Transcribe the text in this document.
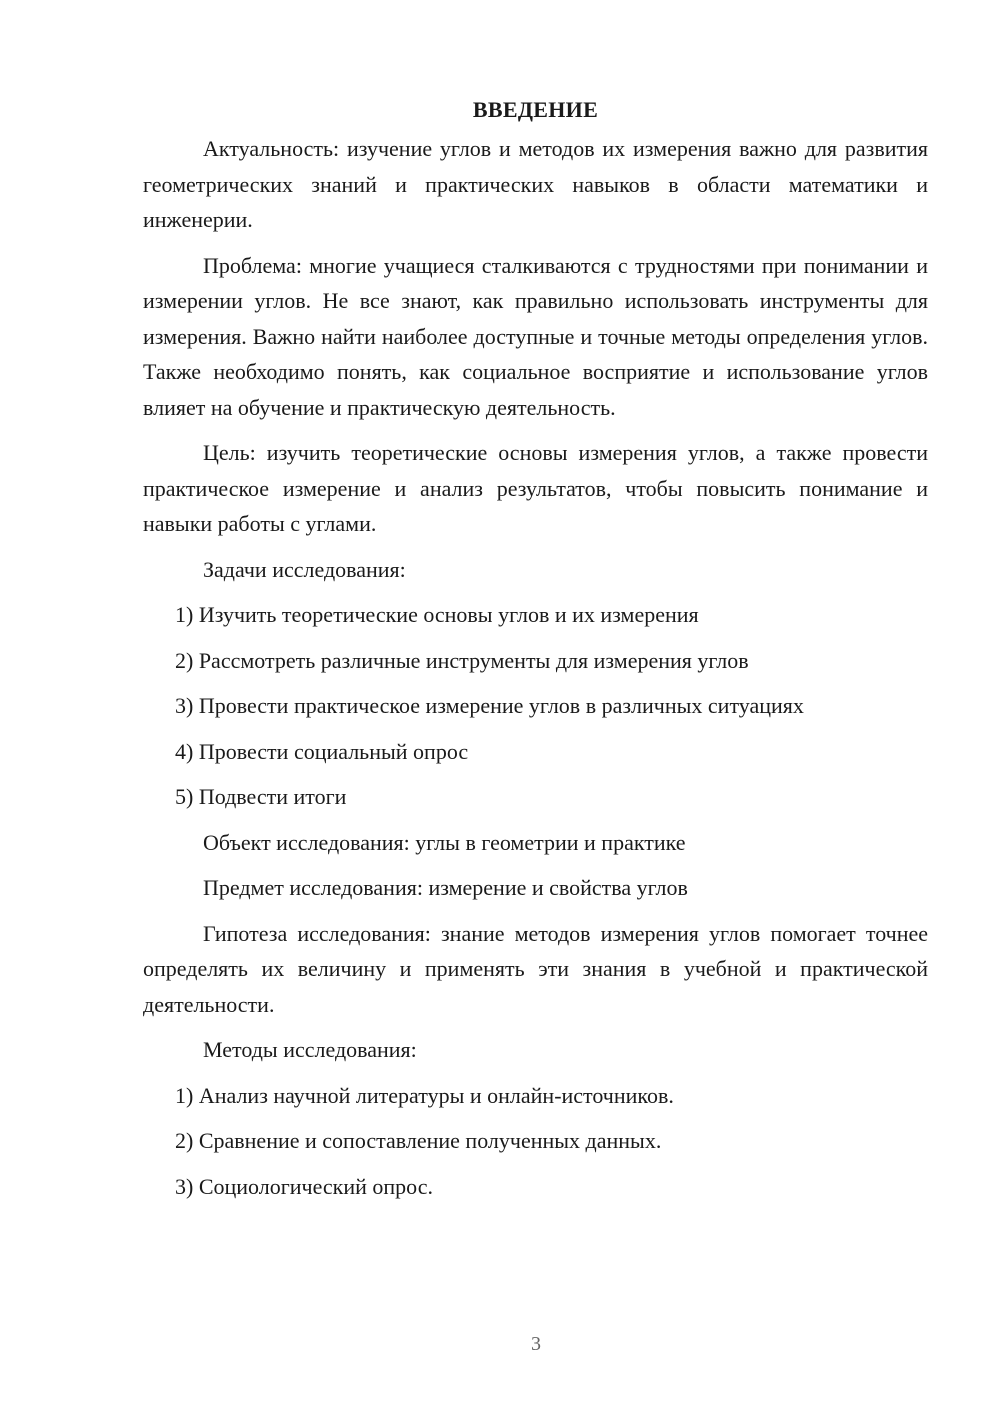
ВВЕДЕНИЕ

Актуальность: изучение углов и методов их измерения важно для развития геометрических знаний и практических навыков в области математики и инженерии.

Проблема: многие учащиеся сталкиваются с трудностями при понимании и измерении углов. Не все знают, как правильно использовать инструменты для измерения. Важно найти наиболее доступные и точные методы определения углов. Также необходимо понять, как социальное восприятие и использование углов влияет на обучение и практическую деятельность.

Цель: изучить теоретические основы измерения углов, а также провести практическое измерение и анализ результатов, чтобы повысить понимание и навыки работы с углами.

Задачи исследования:
1) Изучить теоретические основы углов и их измерения
2) Рассмотреть различные инструменты для измерения углов
3) Провести практическое измерение углов в различных ситуациях
4) Провести социальный опрос
5) Подвести итоги
Объект исследования: углы в геометрии и практике
Предмет исследования: измерение и свойства углов

Гипотеза исследования: знание методов измерения углов помогает точнее определять их величину и применять эти знания в учебной и практической деятельности.

Методы исследования:
1) Анализ научной литературы и онлайн-источников.
2) Сравнение и сопоставление полученных данных.
3) Социологический опрос.
3
